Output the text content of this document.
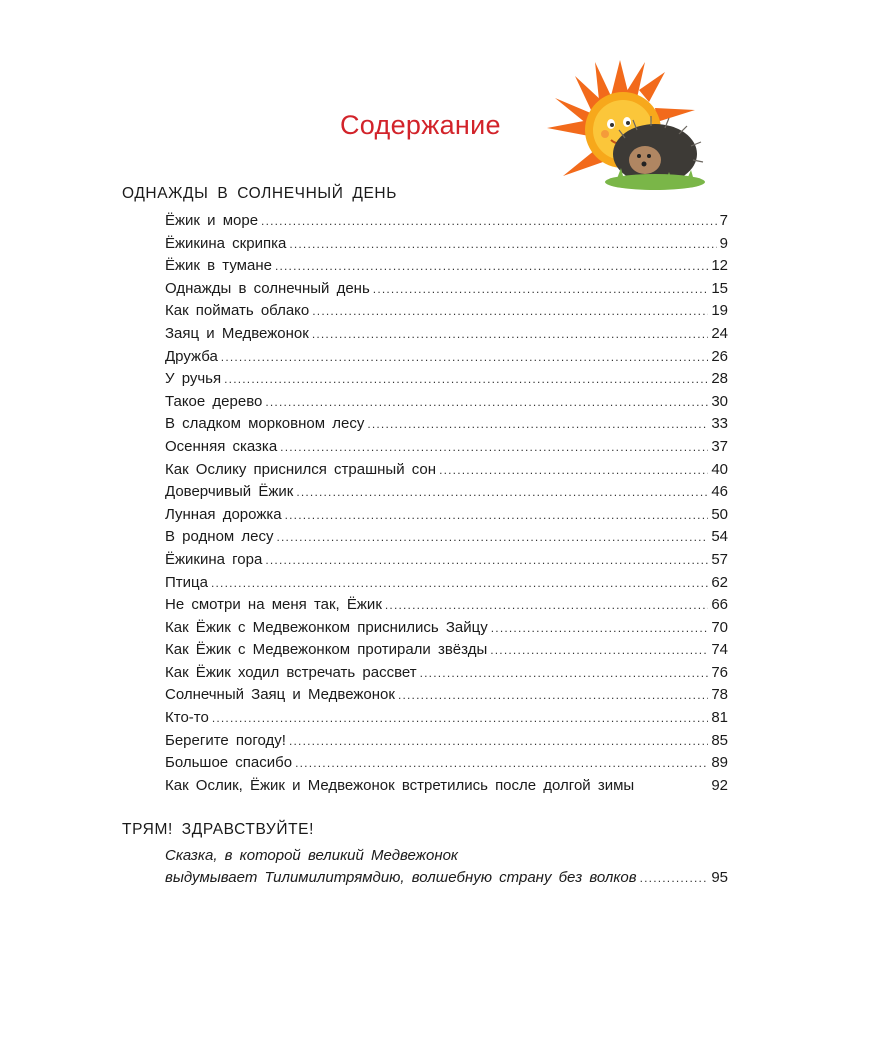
Содержание
ОДНАЖДЫ В СОЛНЕЧНЫЙ ДЕНЬ
Ёжик и море .....	7
Ёжикина скрипка .....	9
Ёжик в тумане .....	12
Однажды в солнечный день .....	15
Как поймать облако .....	19
Заяц и Медвежонок .....	24
Дружба .....	26
У ручья .....	28
Такое дерево .....	30
В сладком морковном лесу .....	33
Осенняя сказка .....	37
Как Ослику приснился страшный сон .....	40
Доверчивый Ёжик .....	46
Лунная дорожка .....	50
В родном лесу .....	54
Ёжикина гора .....	57
Птица .....	62
Не смотри на меня так, Ёжик .....	66
Как Ёжик с Медвежонком приснились Зайцу .....	70
Как Ёжик с Медвежонком протирали звёзды .....	74
Как Ёжик ходил встречать рассвет .....	76
Солнечный Заяц и Медвежонок .....	78
Кто-то .....	81
Берегите погоду! .....	85
Большое спасибо .....	89
Как Ослик, Ёжик и Медвежонок встретились после долгой зимы	92
ТРЯМ! ЗДРАВСТВУЙТЕ!
Сказка, в которой великий Медвежонок
выдумывает Тилимилитрямдию, волшебную страну без волков .....	95
